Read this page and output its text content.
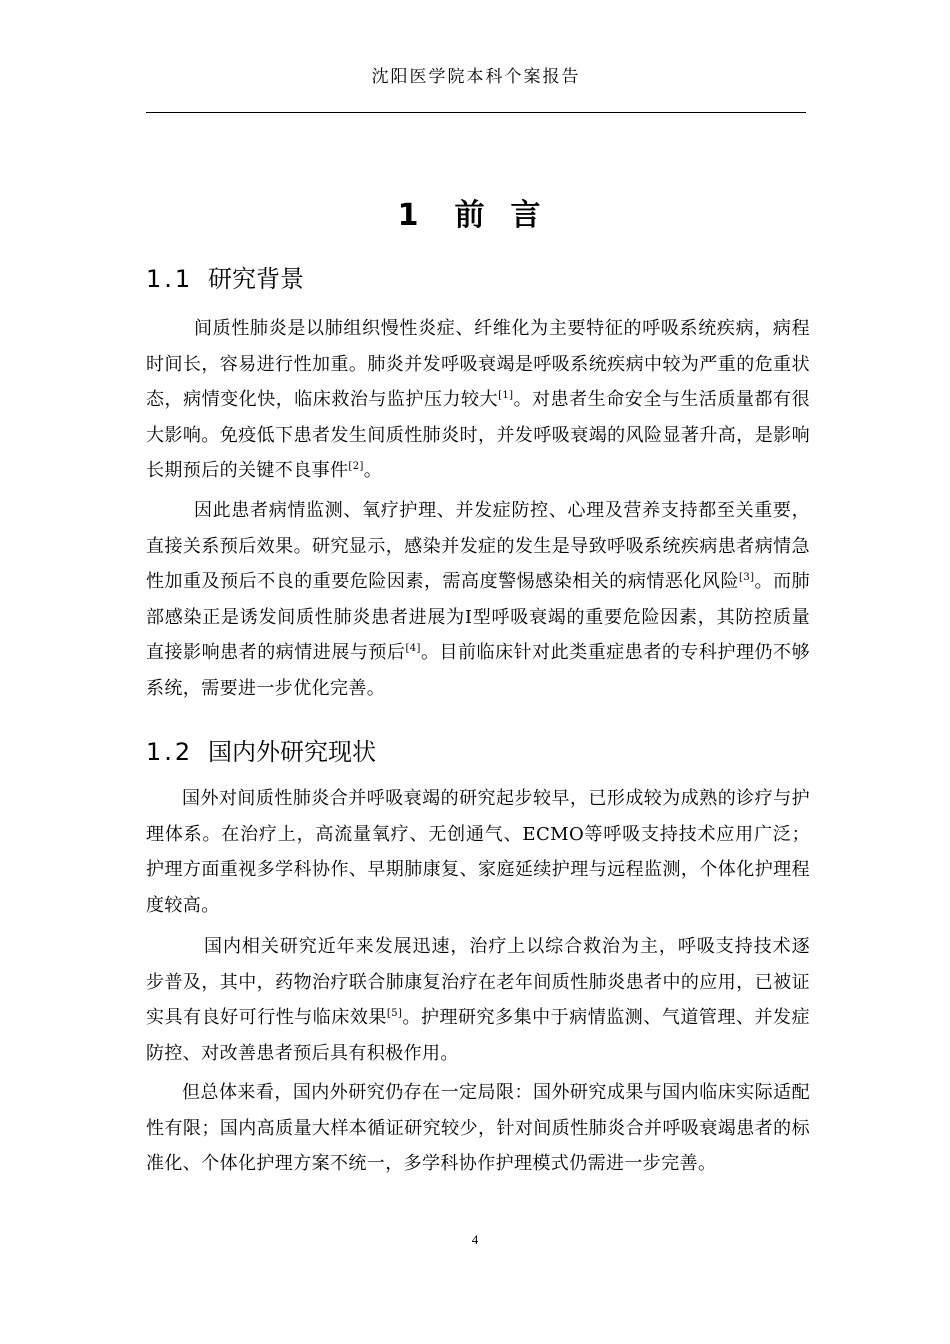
沈阳医学院本科个案报告
1 前 言
1.1 研究背景
间质性肺炎是以肺组织慢性炎症、纤维化为主要特征的呼吸系统疾病，病程时间长，容易进行性加重。肺炎并发呼吸衰竭是呼吸系统疾病中较为严重的危重状态，病情变化快，临床救治与监护压力较大[1]。对患者生命安全与生活质量都有很大影响。免疫低下患者发生间质性肺炎时，并发呼吸衰竭的风险显著升高，是影响长期预后的关键不良事件[2]。
因此患者病情监测、氧疗护理、并发症防控、心理及营养支持都至关重要，直接关系预后效果。研究显示，感染并发症的发生是导致呼吸系统疾病患者病情急性加重及预后不良的重要危险因素，需高度警惕感染相关的病情恶化风险[3]。而肺部感染正是诱发间质性肺炎患者进展为Ⅰ型呼吸衰竭的重要危险因素，其防控质量直接影响患者的病情进展与预后[4]。目前临床针对此类重症患者的专科护理仍不够系统，需要进一步优化完善。
1.2 国内外研究现状
国外对间质性肺炎合并呼吸衰竭的研究起步较早，已形成较为成熟的诊疗与护理体系。在治疗上，高流量氧疗、无创通气、ECMO等呼吸支持技术应用广泛；护理方面重视多学科协作、早期肺康复、家庭延续护理与远程监测，个体化护理程度较高。
国内相关研究近年来发展迅速，治疗上以综合救治为主，呼吸支持技术逐步普及，其中，药物治疗联合肺康复治疗在老年间质性肺炎患者中的应用，已被证实具有良好可行性与临床效果[5]。护理研究多集中于病情监测、气道管理、并发症防控、对改善患者预后具有积极作用。
但总体来看，国内外研究仍存在一定局限：国外研究成果与国内临床实际适配性有限；国内高质量大样本循证研究较少，针对间质性肺炎合并呼吸衰竭患者的标准化、个体化护理方案不统一，多学科协作护理模式仍需进一步完善。
4
